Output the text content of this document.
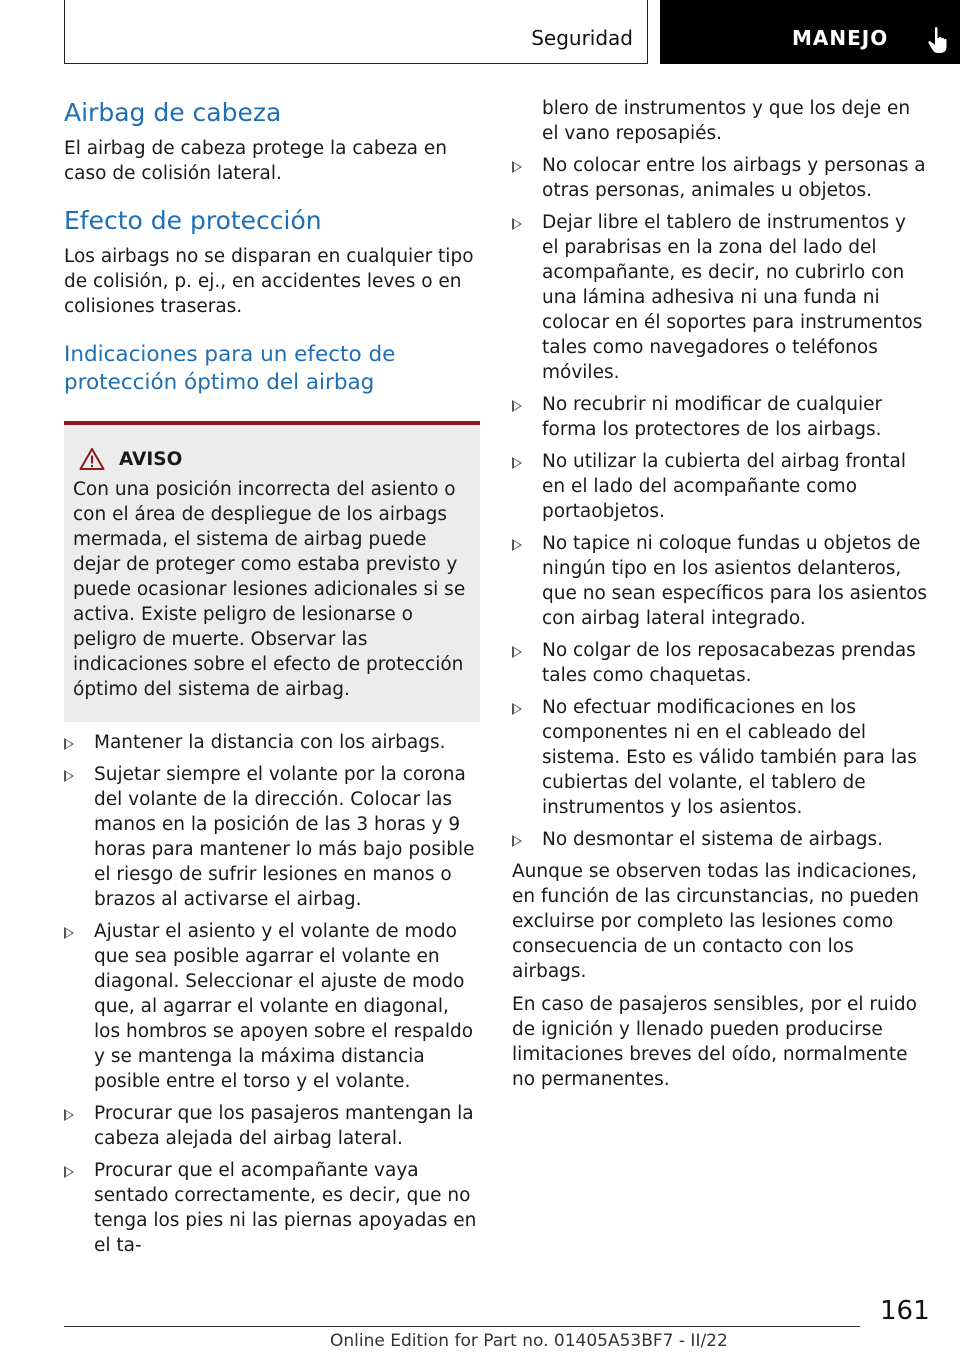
Seguridad	MANEJO
Airbag de cabeza

El airbag de cabeza protege la cabeza en caso de colisión lateral.

Efecto de protección

Los airbags no se disparan en cualquier tipo de colisión, p. ej., en accidentes leves o en colisiones traseras.

Indicaciones para un efecto de protección óptimo del airbag
AVISO

Con una posición incorrecta del asiento o con el área de despliegue de los airbags mermada, el sistema de airbag puede dejar de proteger como estaba previsto y puede ocasionar lesiones adicionales si se activa. Existe peligro de lesionarse o peligro de muerte. Observar las indicaciones sobre el efecto de protección óptimo del sistema de airbag.

Mantener la distancia con los airbags.
Sujetar siempre el volante por la corona del volante de la dirección. Colocar las manos en la posición de las 3 horas y 9 horas para mantener lo más bajo posible el riesgo de sufrir lesiones en manos o brazos al activarse el airbag.
Ajustar el asiento y el volante de modo que sea posible agarrar el volante en diagonal. Seleccionar el ajuste de modo que, al agarrar el volante en diagonal, los hombros se apoyen sobre el respaldo y se mantenga la máxima distancia posible entre el torso y el volante.
Procurar que los pasajeros mantengan la cabeza alejada del airbag lateral.
Procurar que el acompañante vaya sentado correctamente, es decir, que no tenga los pies ni las piernas apoyadas en el ta-

blero de instrumentos y que los deje en el vano reposapiés.

No colocar entre los airbags y personas a otras personas, animales u objetos.
Dejar libre el tablero de instrumentos y el parabrisas en la zona del lado del acompañante, es decir, no cubrirlo con una lámina adhesiva ni una funda ni colocar en él soportes para instrumentos tales como navegadores o teléfonos móviles.
No recubrir ni modificar de cualquier forma los protectores de los airbags.
No utilizar la cubierta del airbag frontal en el lado del acompañante como portaobjetos.
No tapice ni coloque fundas u objetos de ningún tipo en los asientos delanteros, que no sean específicos para los asientos con airbag lateral integrado.
No colgar de los reposacabezas prendas tales como chaquetas.
No efectuar modificaciones en los componentes ni en el cableado del sistema. Esto es válido también para las cubiertas del volante, el tablero de instrumentos y los asientos.
No desmontar el sistema de airbags.

Aunque se observen todas las indicaciones, en función de las circunstancias, no pueden excluirse por completo las lesiones como consecuencia de un contacto con los airbags.

En caso de pasajeros sensibles, por el ruido de ignición y llenado pueden producirse limitaciones breves del oído, normalmente no permanentes.

161
Online Edition for Part no. 01405A53BF7 - II/22
